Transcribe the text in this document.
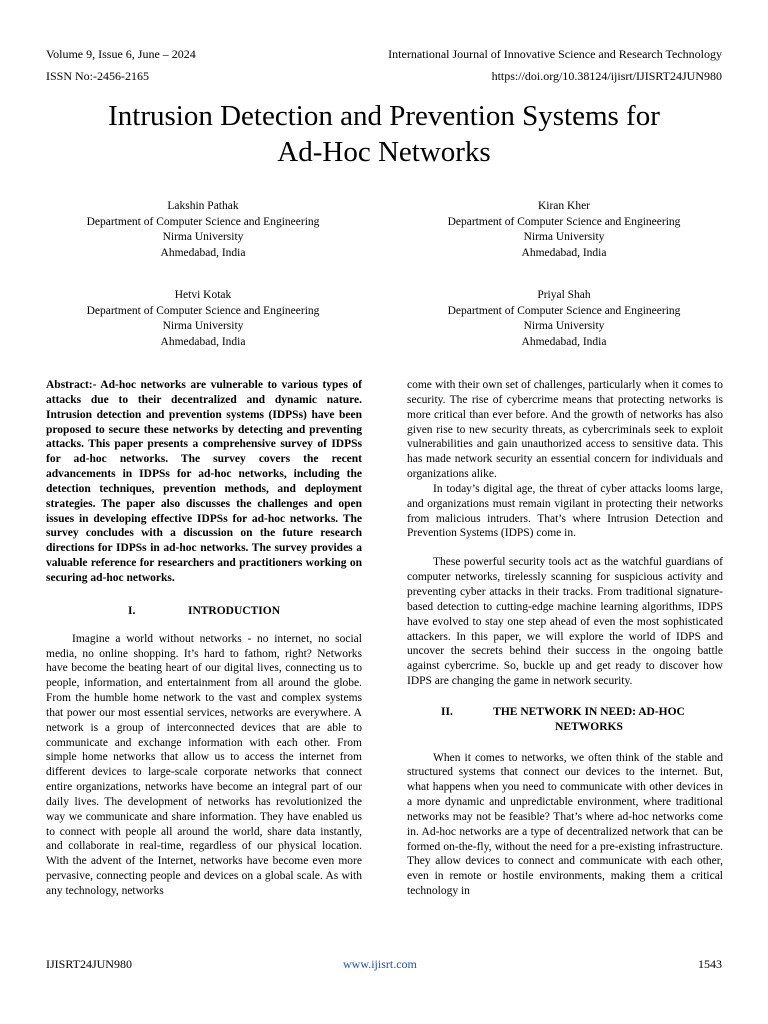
Volume 9, Issue 6, June – 2024	International Journal of Innovative Science and Research Technology
ISSN No:-2456-2165	https://doi.org/10.38124/ijisrt/IJISRT24JUN980
Intrusion Detection and Prevention Systems for
Ad-Hoc Networks
Lakshin Pathak
Department of Computer Science and Engineering
Nirma University
Ahmedabad, India
Kiran Kher
Department of Computer Science and Engineering
Nirma University
Ahmedabad, India
Hetvi Kotak
Department of Computer Science and Engineering
Nirma University
Ahmedabad, India
Priyal Shah
Department of Computer Science and Engineering
Nirma University
Ahmedabad, India

Abstract:- Ad-hoc networks are vulnerable to various types of attacks due to their decentralized and dynamic nature. Intrusion detection and prevention systems (IDPSs) have been proposed to secure these networks by detecting and preventing attacks. This paper presents a comprehensive survey of IDPSs for ad-hoc networks. The survey covers the recent advancements in IDPSs for ad-hoc networks, including the detection techniques, prevention methods, and deployment strategies. The paper also discusses the challenges and open issues in developing effective IDPSs for ad-hoc networks. The survey concludes with a discussion on the future research directions for IDPSs in ad-hoc networks. The survey provides a valuable reference for researchers and practitioners working on securing ad-hoc networks.

I.	INTRODUCTION

Imagine a world without networks - no internet, no social media, no online shopping. It’s hard to fathom, right? Networks have become the beating heart of our digital lives, connecting us to people, information, and entertainment from all around the globe. From the humble home network to the vast and complex systems that power our most essential services, networks are everywhere. A network is a group of interconnected devices that are able to communicate and exchange information with each other. From simple home networks that allow us to access the internet from different devices to large-scale corporate networks that connect entire organizations, networks have become an integral part of our daily lives. The development of networks has revolutionized the way we communicate and share information. They have enabled us to connect with people all around the world, share data instantly, and collaborate in real-time, regardless of our physical location. With the advent of the Internet, networks have become even more pervasive, connecting people and devices on a global scale. As with any technology, networks

come with their own set of challenges, particularly when it comes to security. The rise of cybercrime means that protecting networks is more critical than ever before. And the growth of networks has also given rise to new security threats, as cybercriminals seek to exploit vulnerabilities and gain unauthorized access to sensitive data. This has made network security an essential concern for individuals and organizations alike.

In today’s digital age, the threat of cyber attacks looms large, and organizations must remain vigilant in protecting their networks from malicious intruders. That’s where Intrusion Detection and Prevention Systems (IDPS) come in.

These powerful security tools act as the watchful guardians of computer networks, tirelessly scanning for suspicious activity and preventing cyber attacks in their tracks. From traditional signature-based detection to cutting-edge machine learning algorithms, IDPS have evolved to stay one step ahead of even the most sophisticated attackers. In this paper, we will explore the world of IDPS and uncover the secrets behind their success in the ongoing battle against cybercrime. So, buckle up and get ready to discover how IDPS are changing the game in network security.

II.	THE NETWORK IN NEED: AD-HOC NETWORKS

When it comes to networks, we often think of the stable and structured systems that connect our devices to the internet. But, what happens when you need to communicate with other devices in a more dynamic and unpredictable environment, where traditional networks may not be feasible? That’s where ad-hoc networks come in. Ad-hoc networks are a type of decentralized network that can be formed on-the-fly, without the need for a pre-existing infrastructure. They allow devices to connect and communicate with each other, even in remote or hostile environments, making them a critical technology in

IJISRT24JUN980	www.ijisrt.com	1543
